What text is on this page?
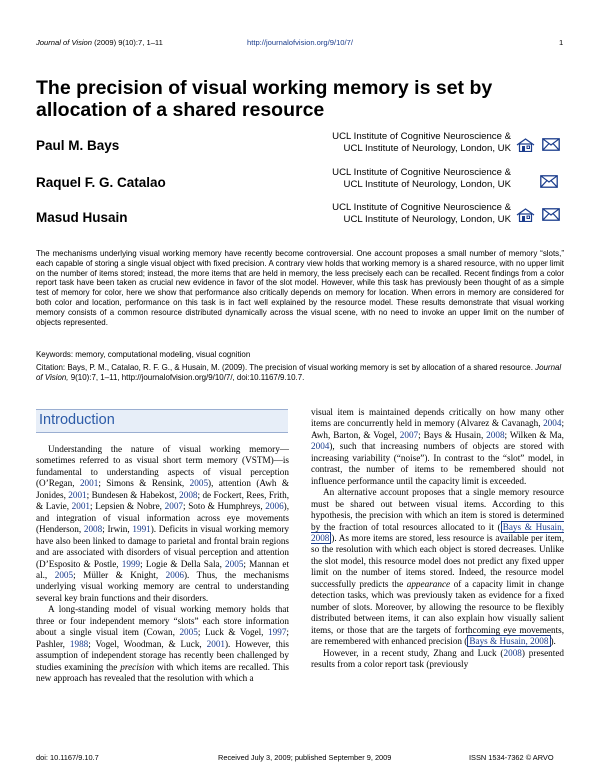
Journal of Vision (2009) 9(10):7, 1–11	http://journalofvision.org/9/10/7/	1
The precision of visual working memory is set by allocation of a shared resource
Paul M. Bays
UCL Institute of Cognitive Neuroscience &
UCL Institute of Neurology, London, UK

Raquel F. G. Catalao
UCL Institute of Cognitive Neuroscience &
UCL Institute of Neurology, London, UK
Masud Husain
UCL Institute of Cognitive Neuroscience &
UCL Institute of Neurology, London, UK

The mechanisms underlying visual working memory have recently become controversial. One account proposes a small number of memory “slots,” each capable of storing a single visual object with fixed precision. A contrary view holds that working memory is a shared resource, with no upper limit on the number of items stored; instead, the more items that are held in memory, the less precisely each can be recalled. Recent findings from a color report task have been taken as crucial new evidence in favor of the slot model. However, while this task has previously been thought of as a simple test of memory for color, here we show that performance also critically depends on memory for location. When errors in memory are considered for both color and location, performance on this task is in fact well explained by the resource model. These results demonstrate that visual working memory consists of a common resource distributed dynamically across the visual scene, with no need to invoke an upper limit on the number of objects represented.
Keywords: memory, computational modeling, visual cognition
Citation: Bays, P. M., Catalao, R. F. G., & Husain, M. (2009). The precision of visual working memory is set by allocation of a shared resource. Journal of Vision, 9(10):7, 1–11, http://journalofvision.org/9/10/7/, doi:10.1167/9.10.7.
Introduction

Understanding the nature of visual working memory—sometimes referred to as visual short term memory (VSTM)—is fundamental to understanding aspects of visual perception (O’Regan, 2001; Simons & Rensink, 2005), attention (Awh & Jonides, 2001; Bundesen & Habekost, 2008; de Fockert, Rees, Frith, & Lavie, 2001; Lepsien & Nobre, 2007; Soto & Humphreys, 2006), and integration of visual information across eye movements (Henderson, 2008; Irwin, 1991). Deficits in visual working memory have also been linked to damage to parietal and frontal brain regions and are associated with disorders of visual perception and attention (D’Esposito & Postle, 1999; Logie & Della Sala, 2005; Mannan et al., 2005; Müller & Knight, 2006). Thus, the mechanisms underlying visual working memory are central to understanding several key brain functions and their disorders.

A long-standing model of visual working memory holds that three or four independent memory “slots” each store information about a single visual item (Cowan, 2005; Luck & Vogel, 1997; Pashler, 1988; Vogel, Woodman, & Luck, 2001). However, this assumption of independent storage has recently been challenged by studies examining the precision with which items are recalled. This new approach has revealed that the resolution with which a

visual item is maintained depends critically on how many other items are concurrently held in memory (Alvarez & Cavanagh, 2004; Awh, Barton, & Vogel, 2007; Bays & Husain, 2008; Wilken & Ma, 2004), such that increasing numbers of objects are stored with increasing variability (“noise”). In contrast to the “slot” model, in contrast, the number of items to be remembered should not influence performance until the capacity limit is exceeded.

An alternative account proposes that a single memory resource must be shared out between visual items. According to this hypothesis, the precision with which an item is stored is determined by the fraction of total resources allocated to it ( Bays & Husain, 2008 ). As more items are stored, less resource is available per item, so the resolution with which each object is stored decreases. Unlike the slot model, this resource model does not predict any fixed upper limit on the number of items stored. Indeed, the resource model successfully predicts the appearance of a capacity limit in change detection tasks, which was previously taken as evidence for a fixed number of slots. Moreover, by allowing the resource to be flexibly distributed between items, it can also explain how visually salient items, or those that are the targets of forthcoming eye movements, are remembered with enhanced precision ( Bays & Husain, 2008 ).

However, in a recent study, Zhang and Luck (2008) presented results from a color report task (previously

doi: 10.1167/9.10.7	Received July 3, 2009; published September 9, 2009	ISSN 1534-7362 © ARVO
